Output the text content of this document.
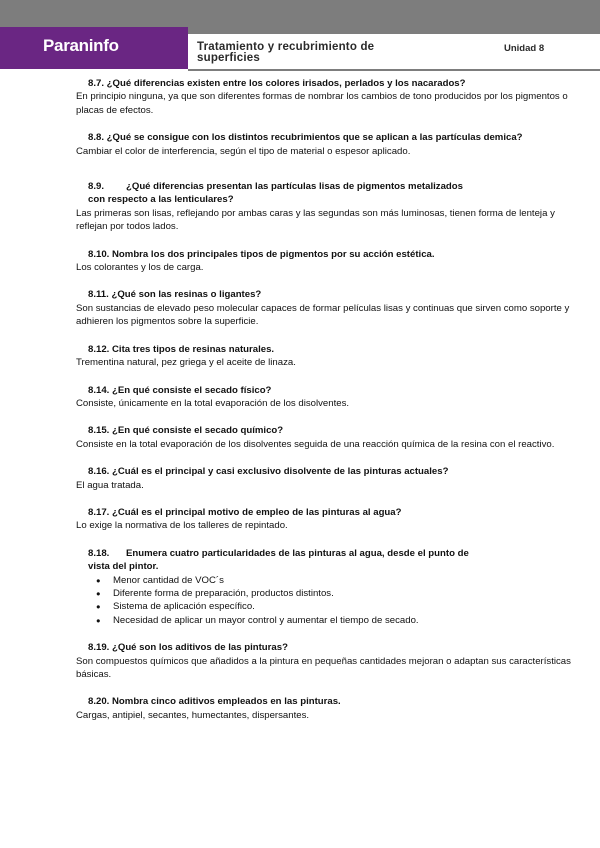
Paraninfo	Tratamiento y recubrimiento de superficies
Unidad 8
8.7. ¿Qué diferencias existen entre los colores irisados, perlados y los nacarados?
En principio ninguna, ya que son diferentes formas de nombrar los cambios de tono producidos por los pigmentos o placas de efectos.
8.8. ¿Qué se consigue con los distintos recubrimientos que se aplican a las partículas demica?
Cambiar el color de interferencia, según el tipo de material o espesor aplicado.
8.9. ¿Qué diferencias presentan las partículas lisas de pigmentos metalizados
con respecto a las lenticulares?
Las primeras son lisas, reflejando por ambas caras y las segundas son más luminosas, tienen forma de lenteja y reflejan por todos lados.
8.10. Nombra los dos principales tipos de pigmentos por su acción estética.
Los colorantes y los de carga.
8.11. ¿Qué son las resinas o ligantes?
Son sustancias de elevado peso molecular capaces de formar películas lisas y continuas que sirven como soporte y adhieren los pigmentos sobre la superficie.
8.12. Cita tres tipos de resinas naturales.
Trementina natural, pez griega y el aceite de linaza.
8.14. ¿En qué consiste el secado físico?
Consiste, únicamente en la total evaporación de los disolventes.
8.15. ¿En qué consiste el secado químico?
Consiste en la total evaporación de los disolventes seguida de una reacción química de la resina con el reactivo.
8.16. ¿Cuál es el principal y casi exclusivo disolvente de las pinturas actuales?
El agua tratada.
8.17. ¿Cuál es el principal motivo de empleo de las pinturas al agua?
Lo exige la normativa de los talleres de repintado.
8.18. Enumera cuatro particularidades de las pinturas al agua, desde el punto de
vista del pintor.
● Menor cantidad de VOC´s
● Diferente forma de preparación, productos distintos.
● Sistema de aplicación específico.
● Necesidad de aplicar un mayor control y aumentar el tiempo de secado.
8.19. ¿Qué son los aditivos de las pinturas?
Son compuestos químicos que añadidos a la pintura en pequeñas cantidades mejoran o adaptan sus características básicas.
8.20. Nombra cinco aditivos empleados en las pinturas.
Cargas, antipiel, secantes, humectantes, dispersantes.
